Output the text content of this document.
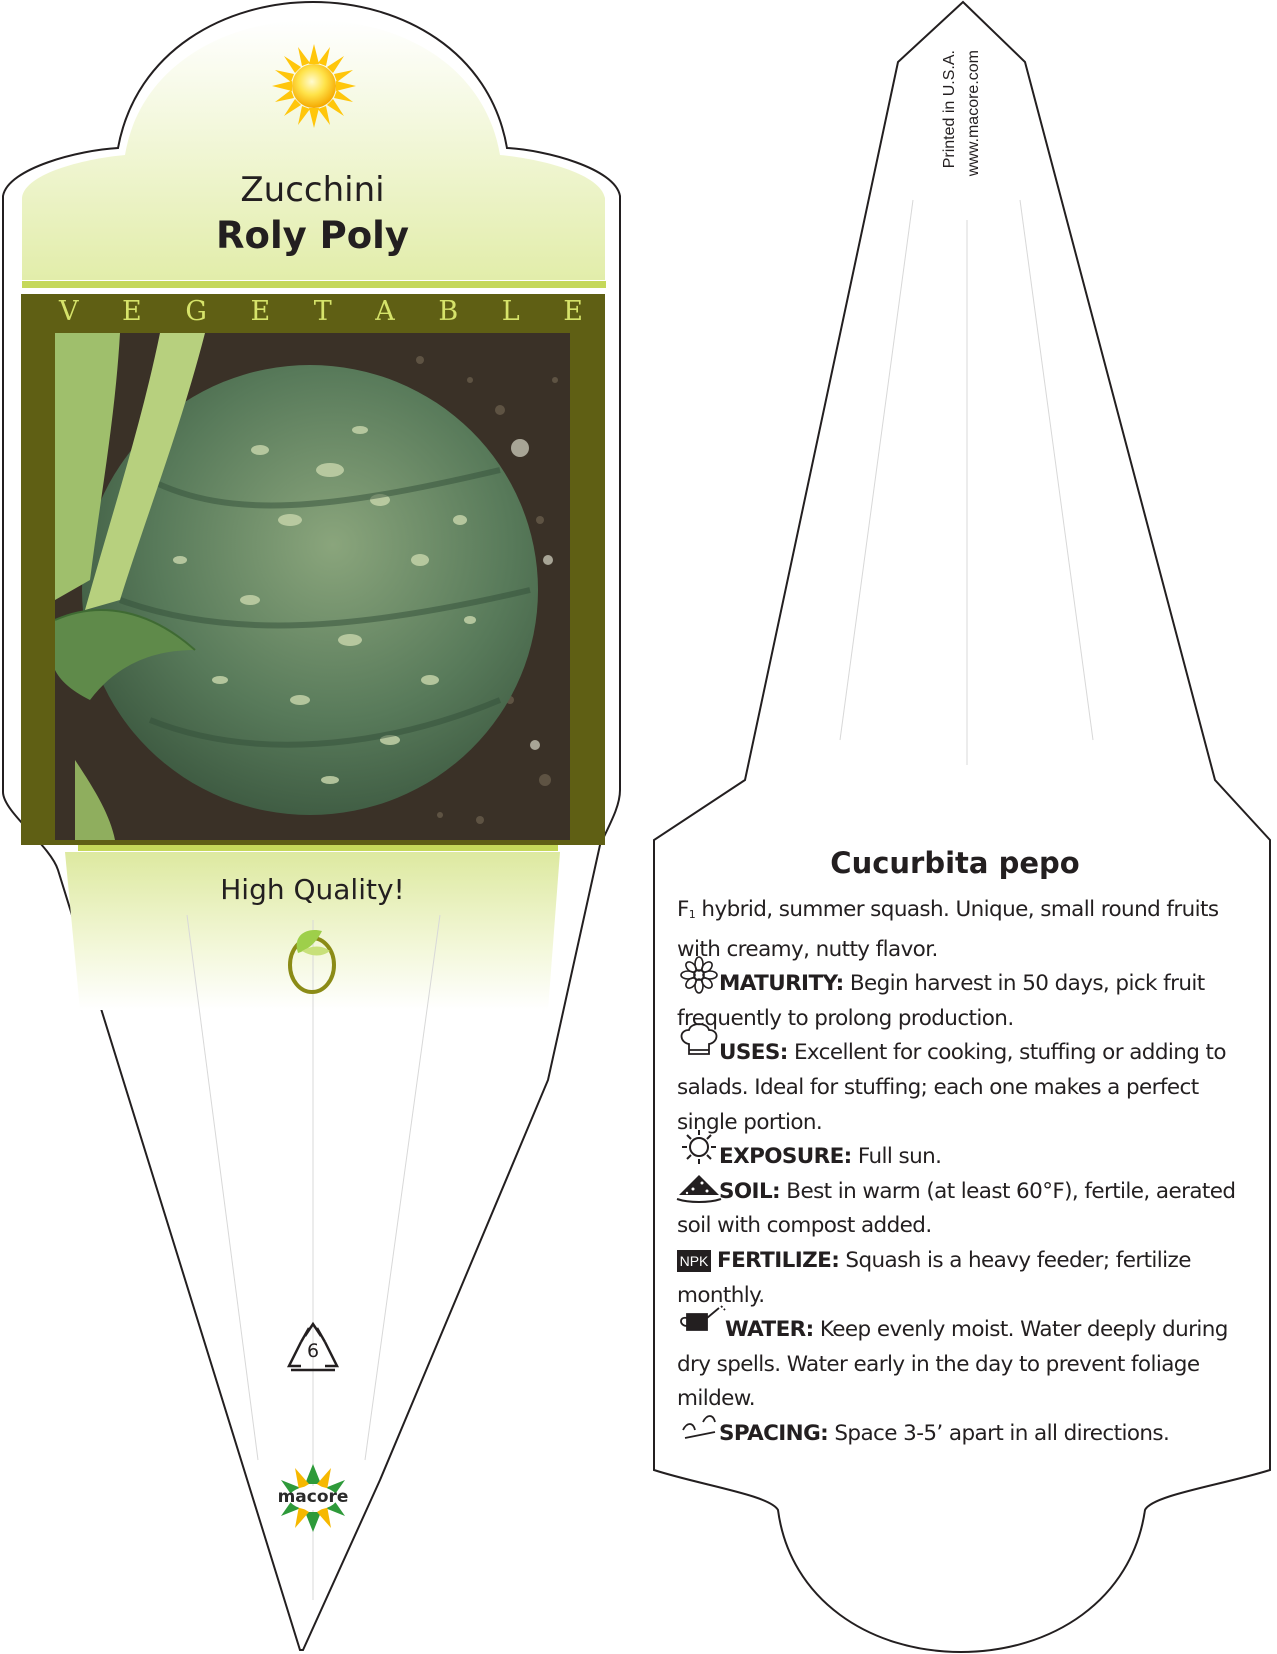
Zucchini
Roly Poly
V E G E T A B L E
High Quality!
6
macore
Printed in U.S.A. www.macore.com
Cucurbita pepo

$F_1$ hybrid, summer squash. Unique, small round fruits with creamy, nutty flavor.

MATURITY: Begin harvest in 50 days, pick fruit frequently to prolong production.

USES: Excellent for cooking, stuffing or adding to salads. Ideal for stuffing; each one makes a perfect single portion.

EXPOSURE: Full sun.

SOIL: Best in warm (at least 60°F), fertile, aerated soil with compost added.

NPK FERTILIZE: Squash is a heavy feeder; fertilize monthly.

WATER: Keep evenly moist. Water deeply during dry spells. Water early in the day to prevent foliage mildew.

SPACING: Space 3-5’ apart in all directions.
